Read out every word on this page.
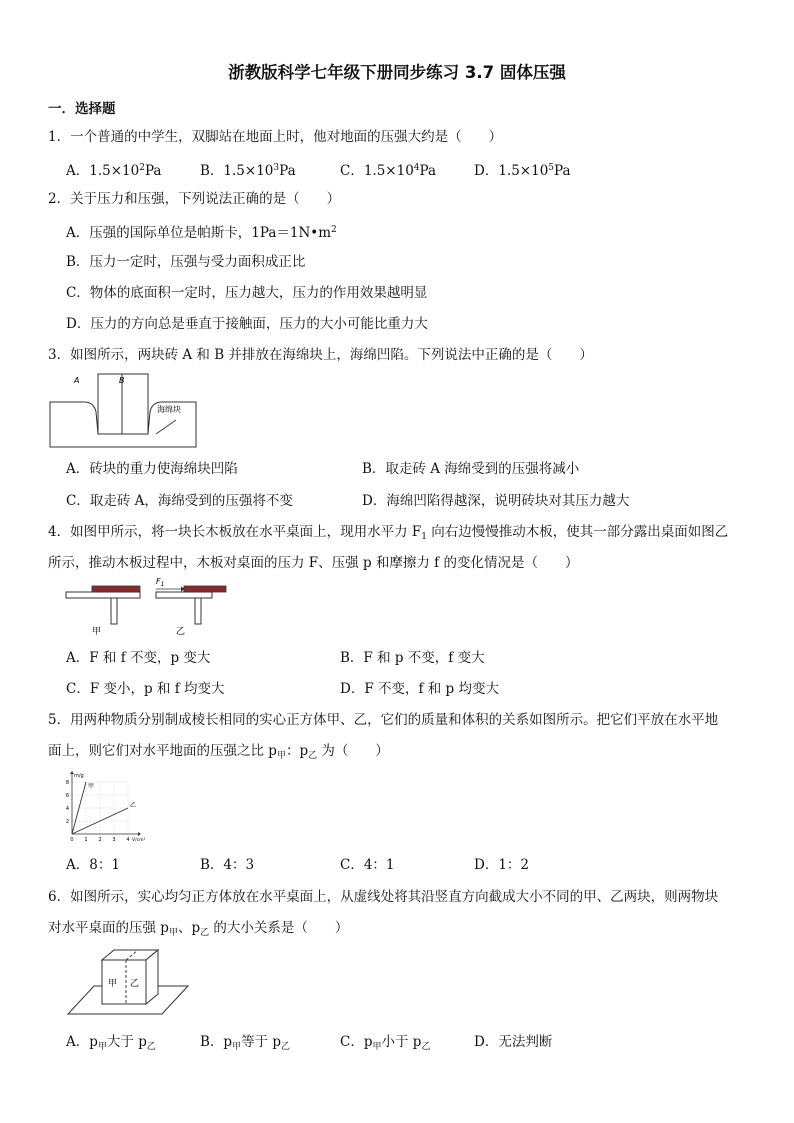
浙教版科学七年级下册同步练习 3.7 固体压强
一．选择题
1．一个普通的中学生，双脚站在地面上时，他对地面的压强大约是（　　）
A．$1.5\times 10^2Pa$	B．$1.5\times 10^3Pa$	C．$1.5\times 10^4Pa$	D．$1.5\times 10^5Pa$
2．关于压力和压强，下列说法正确的是（　　）
A．压强的国际单位是帕斯卡，$1Pa=1N•m^2$
B．压力一定时，压强与受力面积成正比
C．物体的底面积一定时，压力越大，压力的作用效果越明显
D．压力的方向总是垂直于接触面，压力的大小可能比重力大
3．如图所示，两块砖 A 和 B 并排放在海绵块上，海绵凹陷。下列说法中正确的是（　　）
A	B
海绵块
A．砖块的重力使海绵块凹陷	B．取走砖 A 海绵受到的压强将减小
C．取走砖 A，海绵受到的压强将不变	D．海绵凹陷得越深，说明砖块对其压力越大
4．如图甲所示，将一块长木板放在水平桌面上，现用水平力 $F_1$ 向右边慢慢推动木板，使其一部分露出桌面如图乙
所示，推动木板过程中，木板对桌面的压力 F、压强 p 和摩擦力 f 的变化情况是（　　）
甲
$F_1$
乙
A．F 和 f 不变，p 变大	B．F 和 p 不变，f 变大
C．F 变小，p 和 f 均变大	D．F 不变，f 和 p 均变大
5．用两种物质分别制成棱长相同的实心正方体甲、乙，它们的质量和体积的关系如图所示。把它们平放在水平地
面上，则它们对水平地面的压强之比 $p_甲$：$p_乙$ 为（　　）
2
4
6
8
0 1 2 3 4
m/g
V/cm³
甲
乙
A．8：1	B．4：3	C．4：1	D．1：2
6．如图所示，实心均匀正方体放在水平桌面上，从虚线处将其沿竖直方向截成大小不同的甲、乙两块，则两物块
对水平桌面的压强 $p_甲$、$p_乙$ 的大小关系是（　　）
甲 乙
A．$p_甲$大于 $p_乙$	B．$p_甲$等于 $p_乙$	C．$p_甲$小于 $p_乙$	D．无法判断
